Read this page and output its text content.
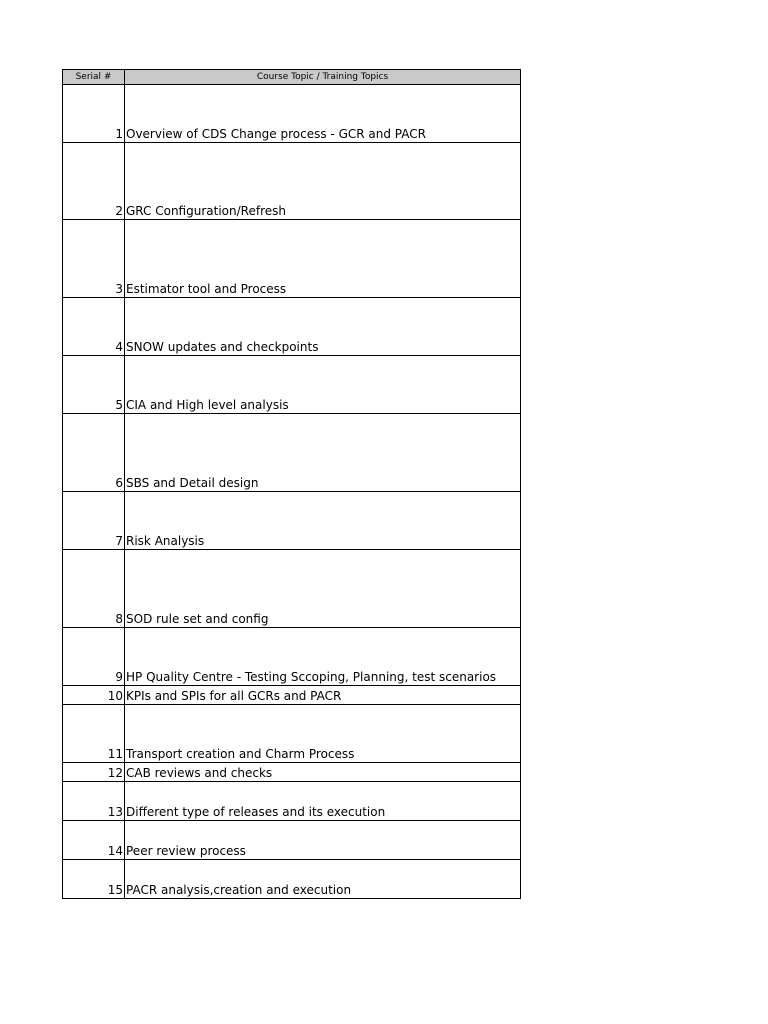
Serial #	Course Topic / Training Topics
1	Overview of CDS Change process - GCR and PACR
2	GRC Configuration/Refresh
3	Estimator tool and Process
4	SNOW updates and checkpoints
5	CIA and High level analysis
6	SBS and Detail design
7	Risk Analysis
8	SOD rule set and config
9	HP Quality Centre - Testing Sccoping, Planning, test scenarios
10	KPIs and SPIs for all GCRs and PACR
11	Transport creation and Charm Process
12	CAB reviews and checks
13	Different type of releases and its execution
14	Peer review process
15	PACR analysis,creation and execution
